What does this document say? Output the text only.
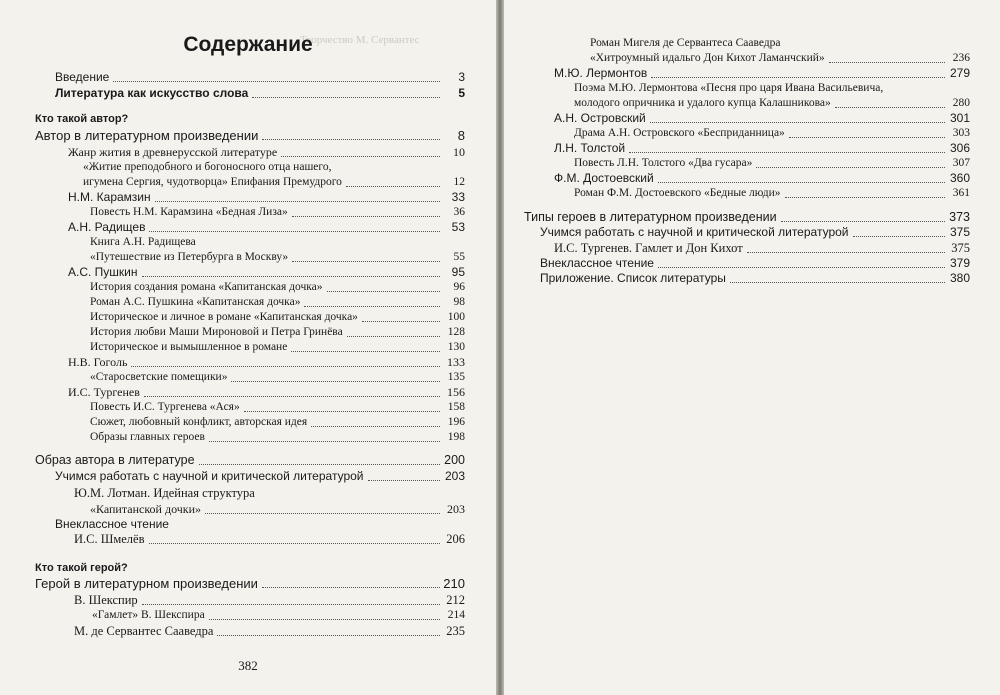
Творчество М. Сервантес
Содержание
Введение	3
Литература как искусство слова	5
Кто такой автор?
Автор в литературном произведении	8
Жанр жития в древнерусской литературе	10
«Житие преподобного и богоносного отца нашего,
игумена Сергия, чудотворца» Епифания Премудрого	12
Н.М. Карамзин	33
Повесть Н.М. Карамзина «Бедная Лиза»	36
А.Н. Радищев	53
Книга А.Н. Радищева
«Путешествие из Петербурга в Москву»	55
А.С. Пушкин	95
История создания романа «Капитанская дочка»	96
Роман А.С. Пушкина «Капитанская дочка»	98
Историческое и личное в романе «Капитанская дочка»	100
История любви Маши Мироновой и Петра Гринёва	128
Историческое и вымышленное в романе	130
Н.В. Гоголь	133
«Старосветские помещики»	135
И.С. Тургенев	156
Повесть И.С. Тургенева «Ася»	158
Сюжет, любовный конфликт, авторская идея	196
Образы главных героев	198
Образ автора в литературе	200
Учимся работать с научной и критической литературой	203
Ю.М. Лотман. Идейная структура
«Капитанской дочки»	203
Внеклассное чтение
И.С. Шмелёв	206
Кто такой герой?
Герой в литературном произведении	210
В. Шекспир	212
«Гамлет» В. Шекспира	214
М. де Сервантес Сааведра	235
382
Роман Мигеля де Сервантеса Сааведра
«Хитроумный идальго Дон Кихот Ламанчский»	236
М.Ю. Лермонтов	279
Поэма М.Ю. Лермонтова «Песня про царя Ивана Васильевича,
молодого опричника и удалого купца Калашникова»	280
А.Н. Островский	301
Драма А.Н. Островского «Бесприданница»	303
Л.Н. Толстой	306
Повесть Л.Н. Толстого «Два гусара»	307
Ф.М. Достоевский	360
Роман Ф.М. Достоевского «Бедные люди»	361
Типы героев в литературном произведении	373
Учимся работать с научной и критической литературой	375
И.С. Тургенев. Гамлет и Дон Кихот	375
Внеклассное чтение	379
Приложение. Список литературы	380
